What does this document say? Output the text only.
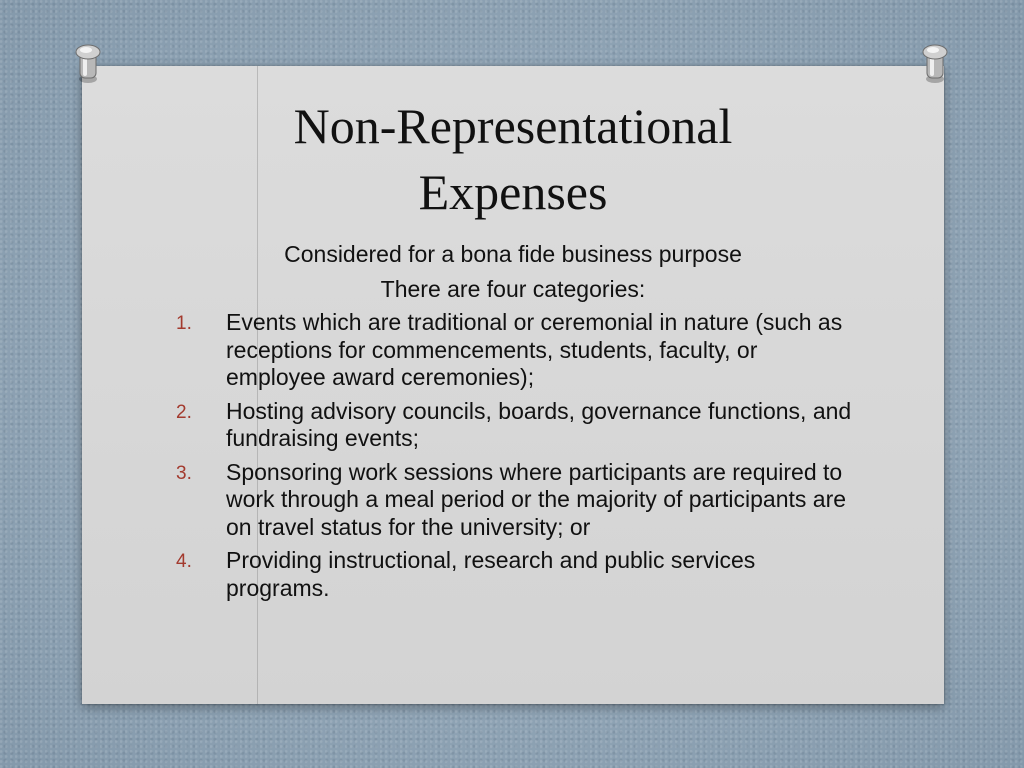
Non-Representational
Expenses

Considered for a bona fide business purpose

There are four categories:

1. Events which are traditional or ceremonial in nature (such as receptions for commencements, students, faculty, or employee award ceremonies);
2. Hosting advisory councils, boards, governance functions, and fundraising events;
3. Sponsoring work sessions where participants are required to work through a meal period or the majority of participants are on travel status for the university; or
4. Providing instructional, research and public services programs.
